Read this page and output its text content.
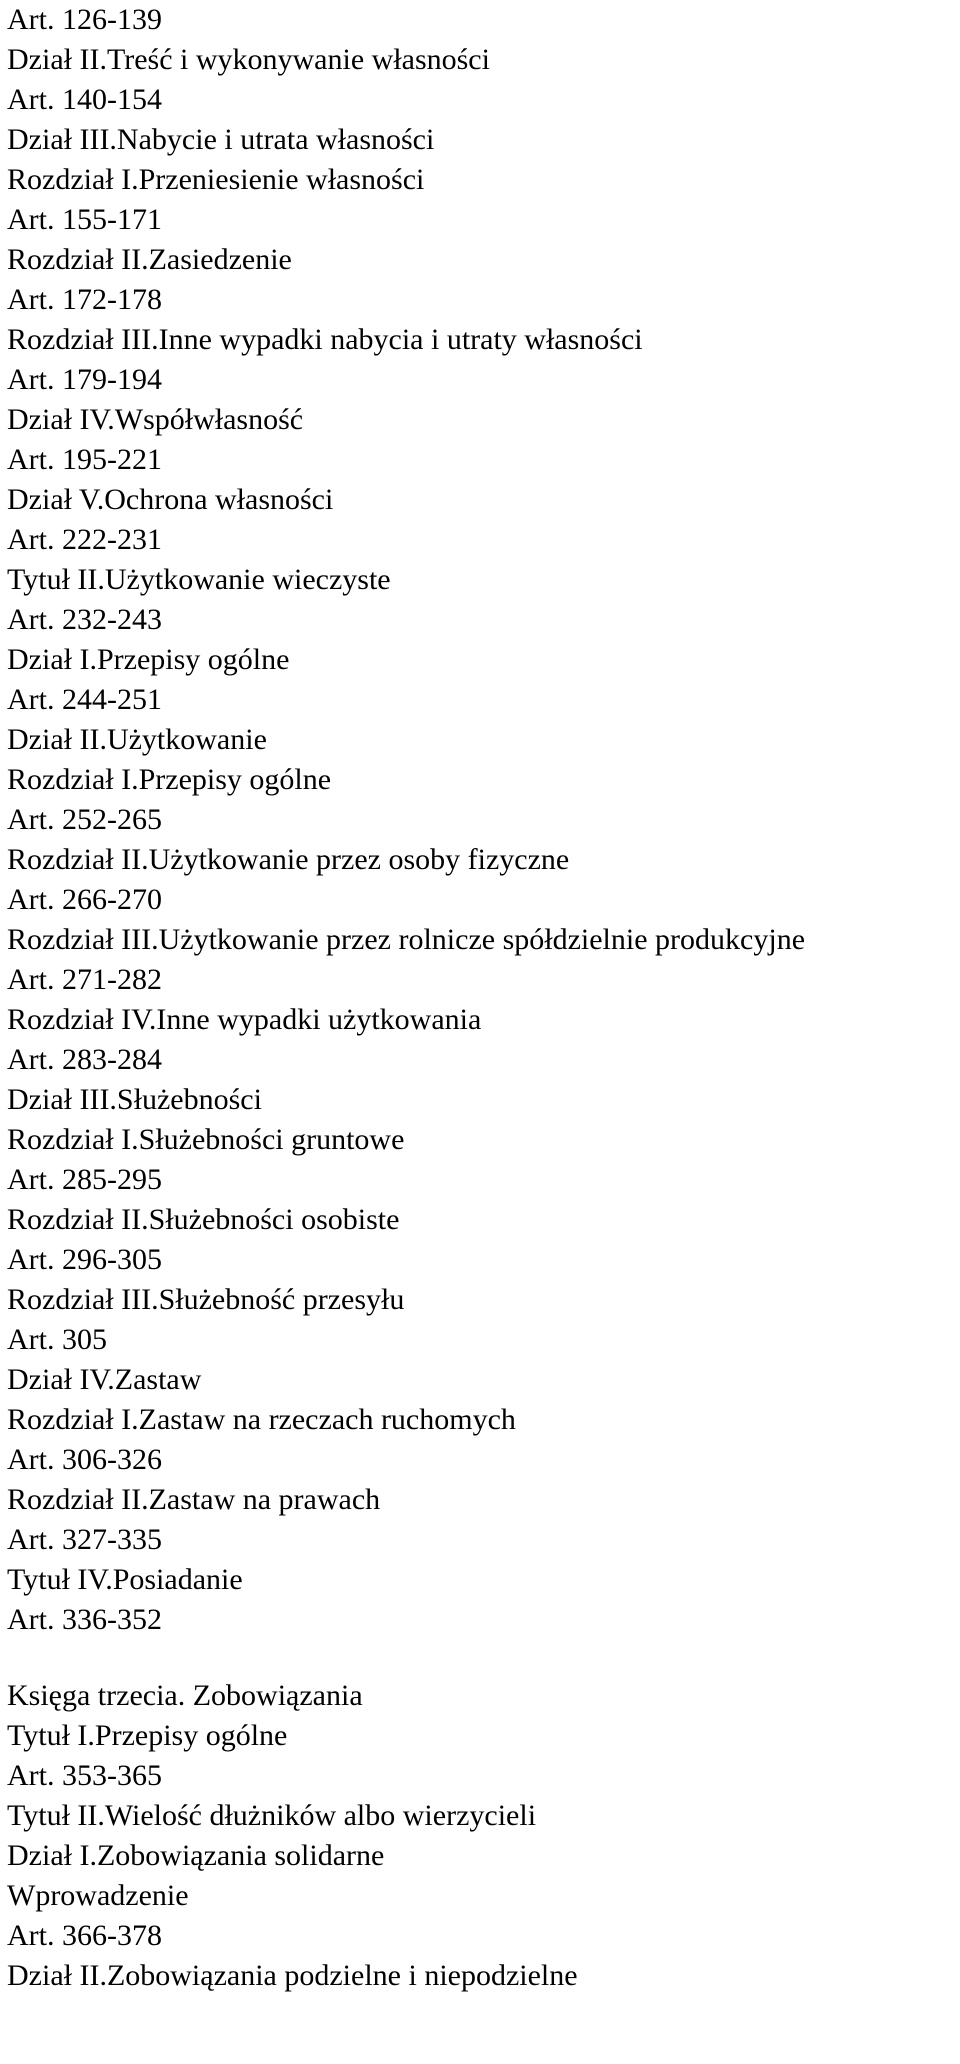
Art. 126-139
Dział II.Treść i wykonywanie własności
Art. 140-154
Dział III.Nabycie i utrata własności
Rozdział I.Przeniesienie własności
Art. 155-171
Rozdział II.Zasiedzenie
Art. 172-178
Rozdział III.Inne wypadki nabycia i utraty własności
Art. 179-194
Dział IV.Współwłasność
Art. 195-221
Dział V.Ochrona własności
Art. 222-231
Tytuł II.Użytkowanie wieczyste
Art. 232-243
Dział I.Przepisy ogólne
Art. 244-251
Dział II.Użytkowanie
Rozdział I.Przepisy ogólne
Art. 252-265
Rozdział II.Użytkowanie przez osoby fizyczne
Art. 266-270
Rozdział III.Użytkowanie przez rolnicze spółdzielnie produkcyjne
Art. 271-282
Rozdział IV.Inne wypadki użytkowania
Art. 283-284
Dział III.Służebności
Rozdział I.Służebności gruntowe
Art. 285-295
Rozdział II.Służebności osobiste
Art. 296-305
Rozdział III.Służebność przesyłu
Art. 305
Dział IV.Zastaw
Rozdział I.Zastaw na rzeczach ruchomych
Art. 306-326
Rozdział II.Zastaw na prawach
Art. 327-335
Tytuł IV.Posiadanie
Art. 336-352
Księga trzecia. Zobowiązania
Tytuł I.Przepisy ogólne
Art. 353-365
Tytuł II.Wielość dłużników albo wierzycieli
Dział I.Zobowiązania solidarne
Wprowadzenie
Art. 366-378
Dział II.Zobowiązania podzielne i niepodzielne
